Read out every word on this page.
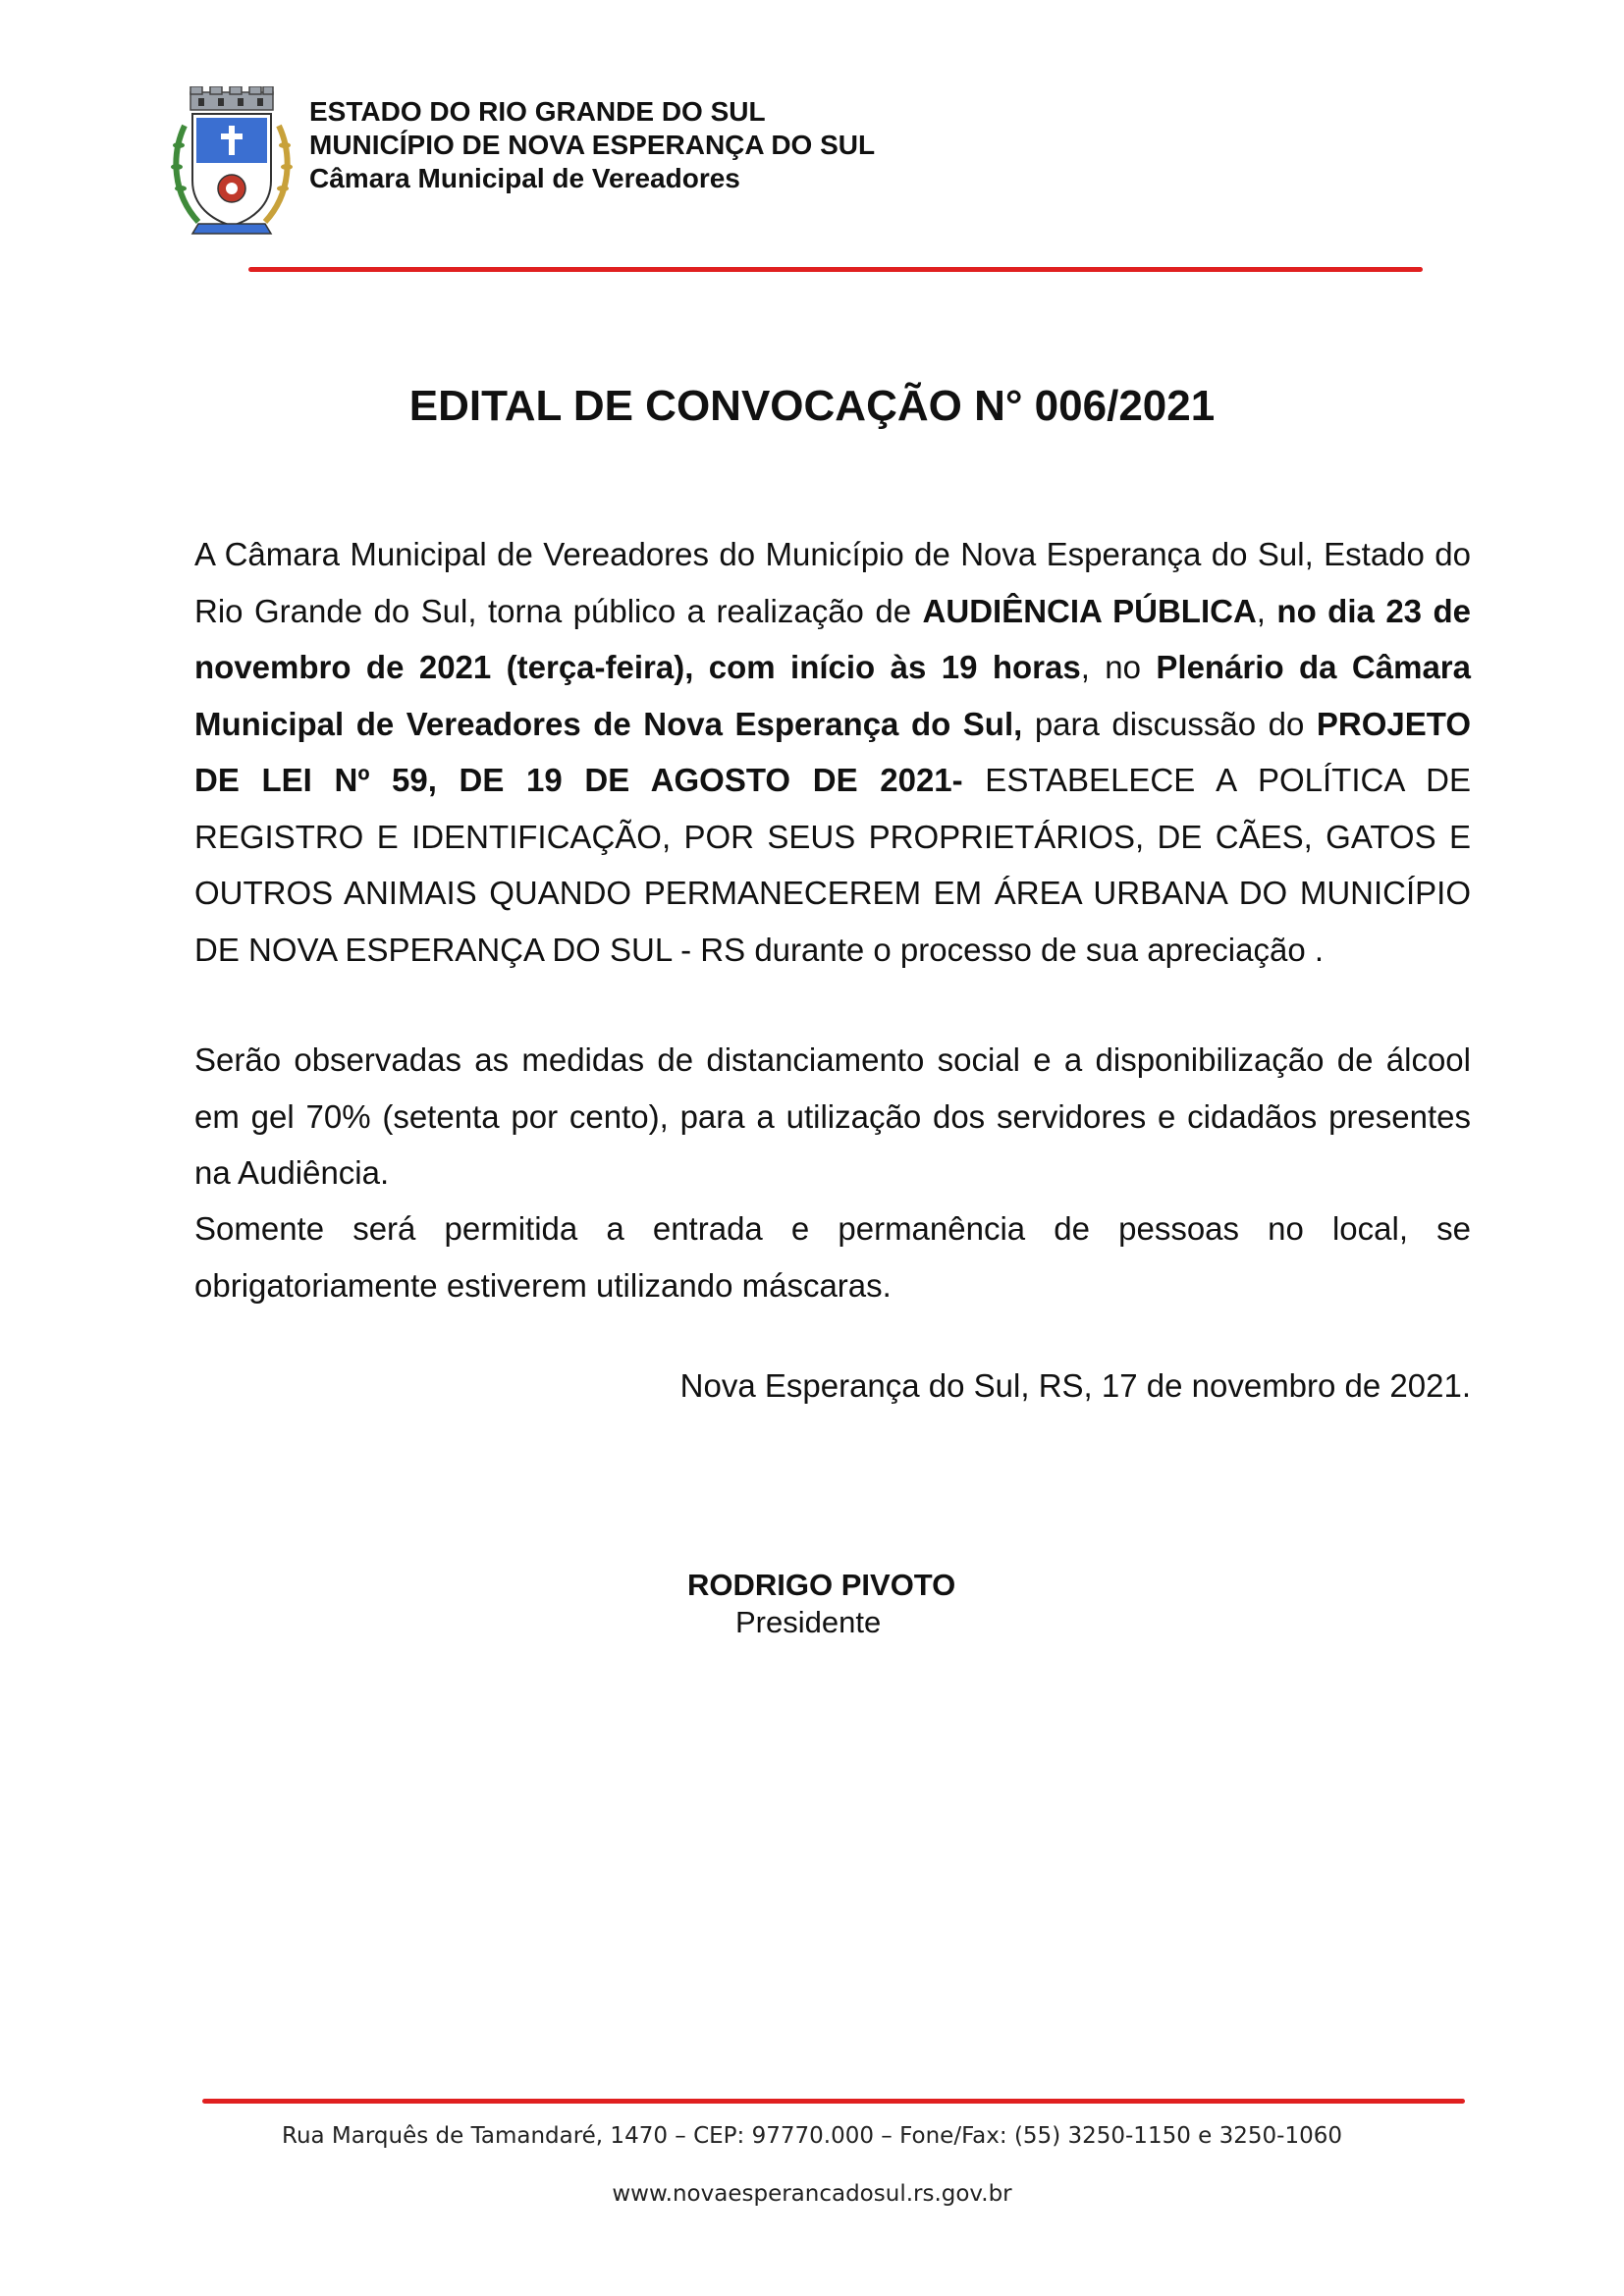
ESTADO DO RIO GRANDE DO SUL
MUNICÍPIO DE NOVA ESPERANÇA DO SUL
Câmara Municipal de Vereadores
EDITAL DE CONVOCAÇÃO N° 006/2021

A Câmara Municipal de Vereadores do Município de Nova Esperança do Sul, Estado do Rio Grande do Sul, torna público a realização de AUDIÊNCIA PÚBLICA, no dia 23 de novembro de 2021 (terça-feira), com início às 19 horas, no Plenário da Câmara Municipal de Vereadores de Nova Esperança do Sul, para discussão do PROJETO DE LEI Nº 59, DE 19 DE AGOSTO DE 2021- ESTABELECE A POLÍTICA DE REGISTRO E IDENTIFICAÇÃO, POR SEUS PROPRIETÁRIOS, DE CÃES, GATOS E OUTROS ANIMAIS QUANDO PERMANECEREM EM ÁREA URBANA DO MUNICÍPIO DE NOVA ESPERANÇA DO SUL - RS durante o processo de sua apreciação .

Serão observadas as medidas de distanciamento social e a disponibilização de álcool em gel 70% (setenta por cento), para a utilização dos servidores e cidadãos presentes na Audiência.

Somente será permitida a entrada e permanência de pessoas no local, se obrigatoriamente estiverem utilizando máscaras.

Nova Esperança do Sul, RS, 17 de novembro de 2021.
RODRIGO PIVOTO
Presidente
Rua Marquês de Tamandaré, 1470 – CEP: 97770.000 – Fone/Fax: (55) 3250-1150 e 3250-1060
www.novaesperancadosul.rs.gov.br
